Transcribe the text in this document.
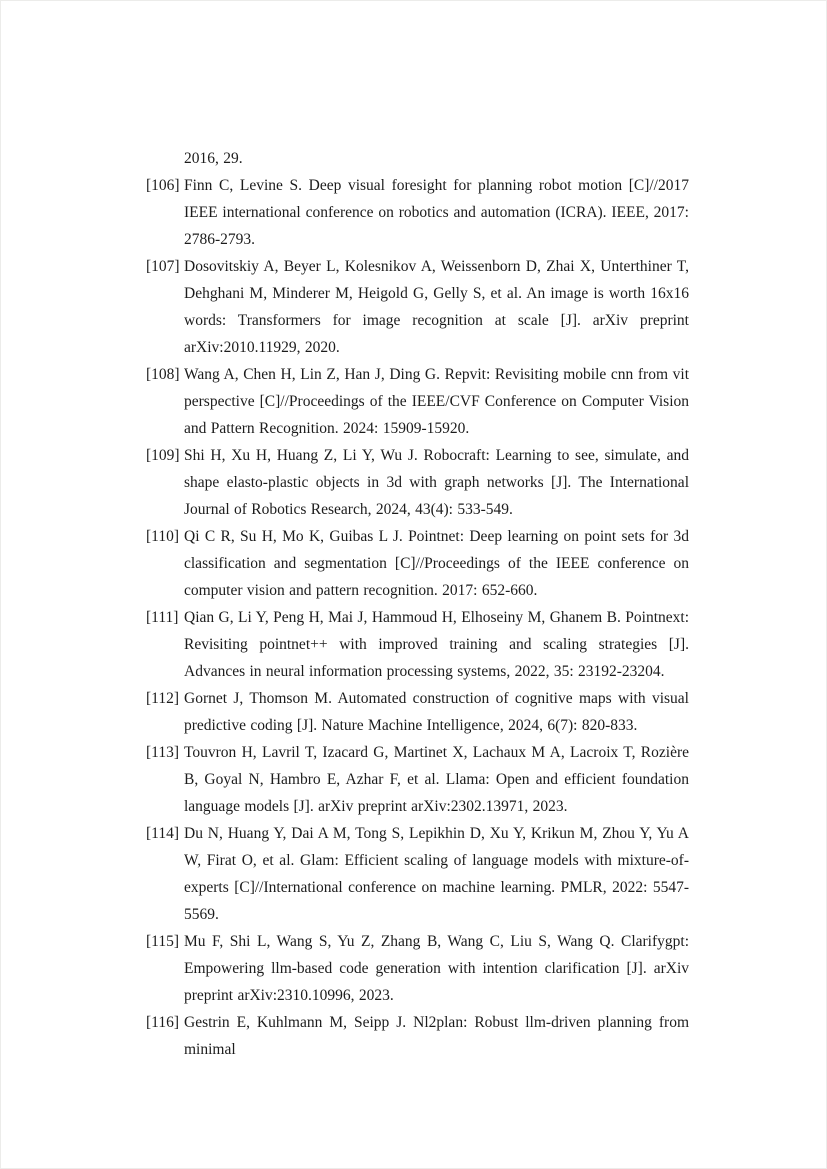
2016, 29.
[106] Finn C, Levine S. Deep visual foresight for planning robot motion [C]//2017 IEEE international conference on robotics and automation (ICRA). IEEE, 2017: 2786-2793.
[107] Dosovitskiy A, Beyer L, Kolesnikov A, Weissenborn D, Zhai X, Unterthiner T, Dehghani M, Minderer M, Heigold G, Gelly S, et al. An image is worth 16x16 words: Transformers for image recognition at scale [J]. arXiv preprint arXiv:2010.11929, 2020.
[108] Wang A, Chen H, Lin Z, Han J, Ding G. Repvit: Revisiting mobile cnn from vit perspective [C]//Proceedings of the IEEE/CVF Conference on Computer Vision and Pattern Recognition. 2024: 15909-15920.
[109] Shi H, Xu H, Huang Z, Li Y, Wu J. Robocraft: Learning to see, simulate, and shape elasto-plastic objects in 3d with graph networks [J]. The International Journal of Robotics Research, 2024, 43(4): 533-549.
[110] Qi C R, Su H, Mo K, Guibas L J. Pointnet: Deep learning on point sets for 3d classification and segmentation [C]//Proceedings of the IEEE conference on computer vision and pattern recognition. 2017: 652-660.
[111] Qian G, Li Y, Peng H, Mai J, Hammoud H, Elhoseiny M, Ghanem B. Pointnext: Revisiting pointnet++ with improved training and scaling strategies [J]. Advances in neural information processing systems, 2022, 35: 23192-23204.
[112] Gornet J, Thomson M. Automated construction of cognitive maps with visual predictive coding [J]. Nature Machine Intelligence, 2024, 6(7): 820-833.
[113] Touvron H, Lavril T, Izacard G, Martinet X, Lachaux M A, Lacroix T, Rozière B, Goyal N, Hambro E, Azhar F, et al. Llama: Open and efficient foundation language models [J]. arXiv preprint arXiv:2302.13971, 2023.
[114] Du N, Huang Y, Dai A M, Tong S, Lepikhin D, Xu Y, Krikun M, Zhou Y, Yu A W, Firat O, et al. Glam: Efficient scaling of language models with mixture-of-experts [C]//International conference on machine learning. PMLR, 2022: 5547-5569.
[115] Mu F, Shi L, Wang S, Yu Z, Zhang B, Wang C, Liu S, Wang Q. Clarifygpt: Empowering llm-based code generation with intention clarification [J]. arXiv preprint arXiv:2310.10996, 2023.
[116] Gestrin E, Kuhlmann M, Seipp J. Nl2plan: Robust llm-driven planning from minimal
